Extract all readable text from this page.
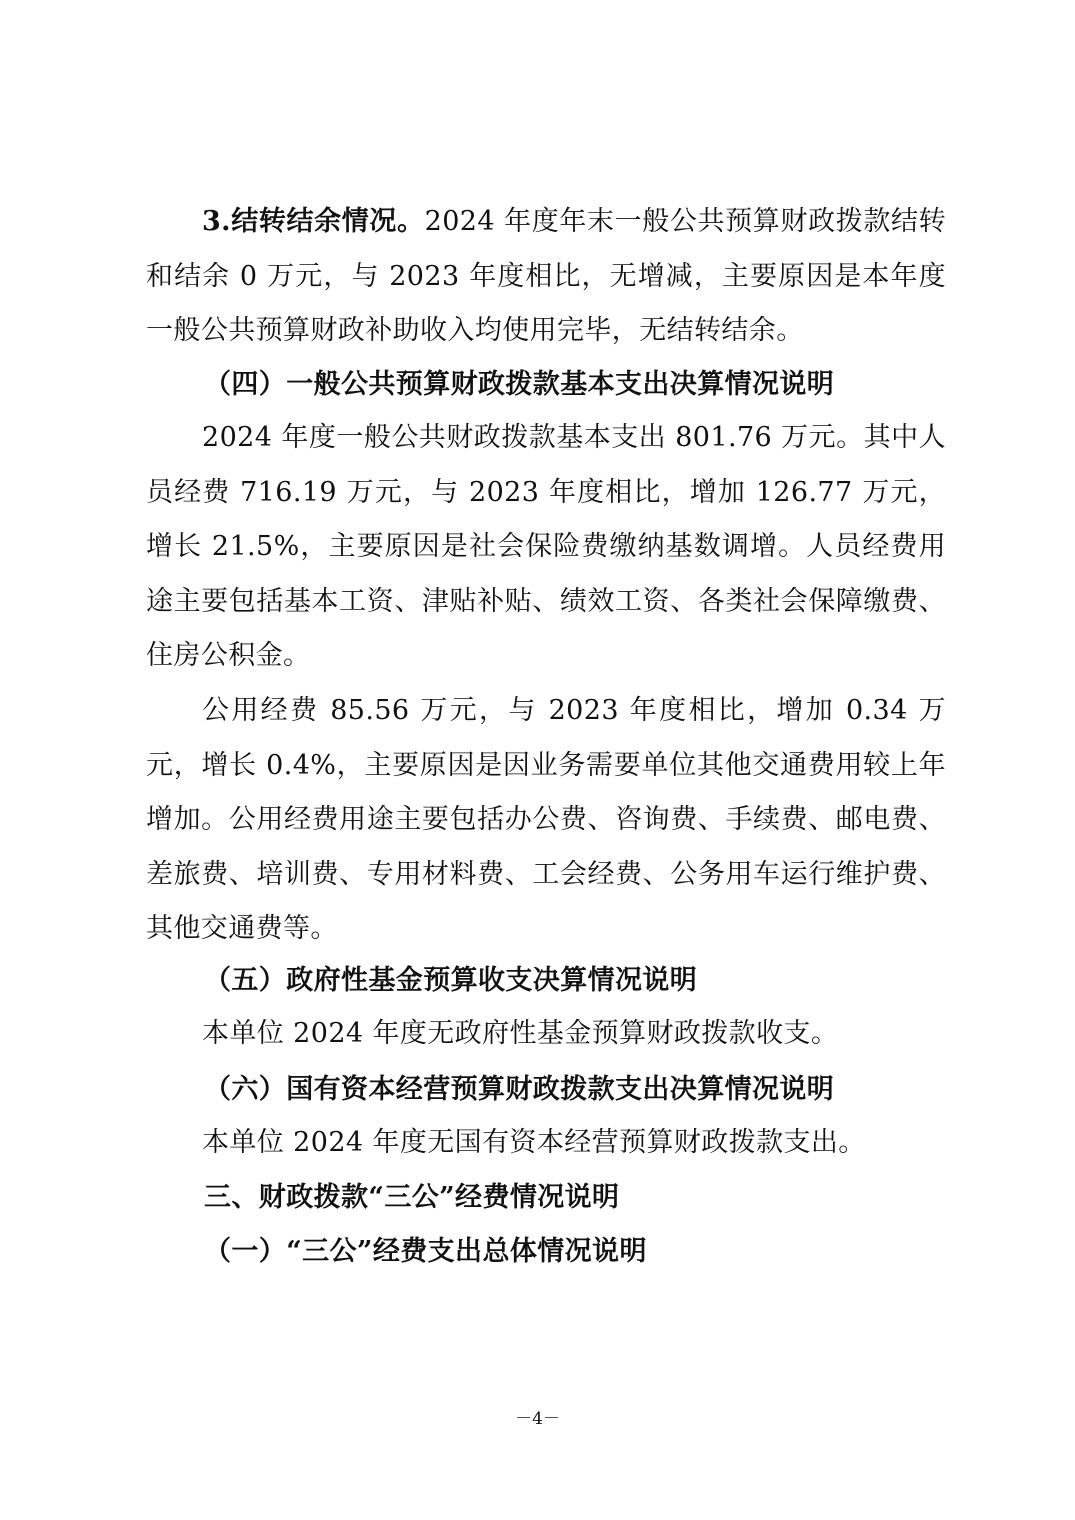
3.结转结余情况。2024 年度年末一般公共预算财政拨款结转和结余 0 万元，与 2023 年度相比，无增减，主要原因是本年度一般公共预算财政补助收入均使用完毕，无结转结余。

（四）一般公共预算财政拨款基本支出决算情况说明

2024 年度一般公共财政拨款基本支出 801.76 万元。其中人员经费 716.19 万元，与 2023 年度相比，增加 126.77 万元，增长 21.5%，主要原因是社会保险费缴纳基数调增。人员经费用途主要包括基本工资、津贴补贴、绩效工资、各类社会保障缴费、住房公积金。

公用经费 85.56 万元，与 2023 年度相比，增加 0.34 万元，增长 0.4%，主要原因是因业务需要单位其他交通费用较上年增加。公用经费用途主要包括办公费、咨询费、手续费、邮电费、差旅费、培训费、专用材料费、工会经费、公务用车运行维护费、其他交通费等。

（五）政府性基金预算收支决算情况说明

本单位 2024 年度无政府性基金预算财政拨款收支。

（六）国有资本经营预算财政拨款支出决算情况说明

本单位 2024 年度无国有资本经营预算财政拨款支出。

三、财政拨款“三公”经费情况说明
（一）“三公”经费支出总体情况说明
－4－
